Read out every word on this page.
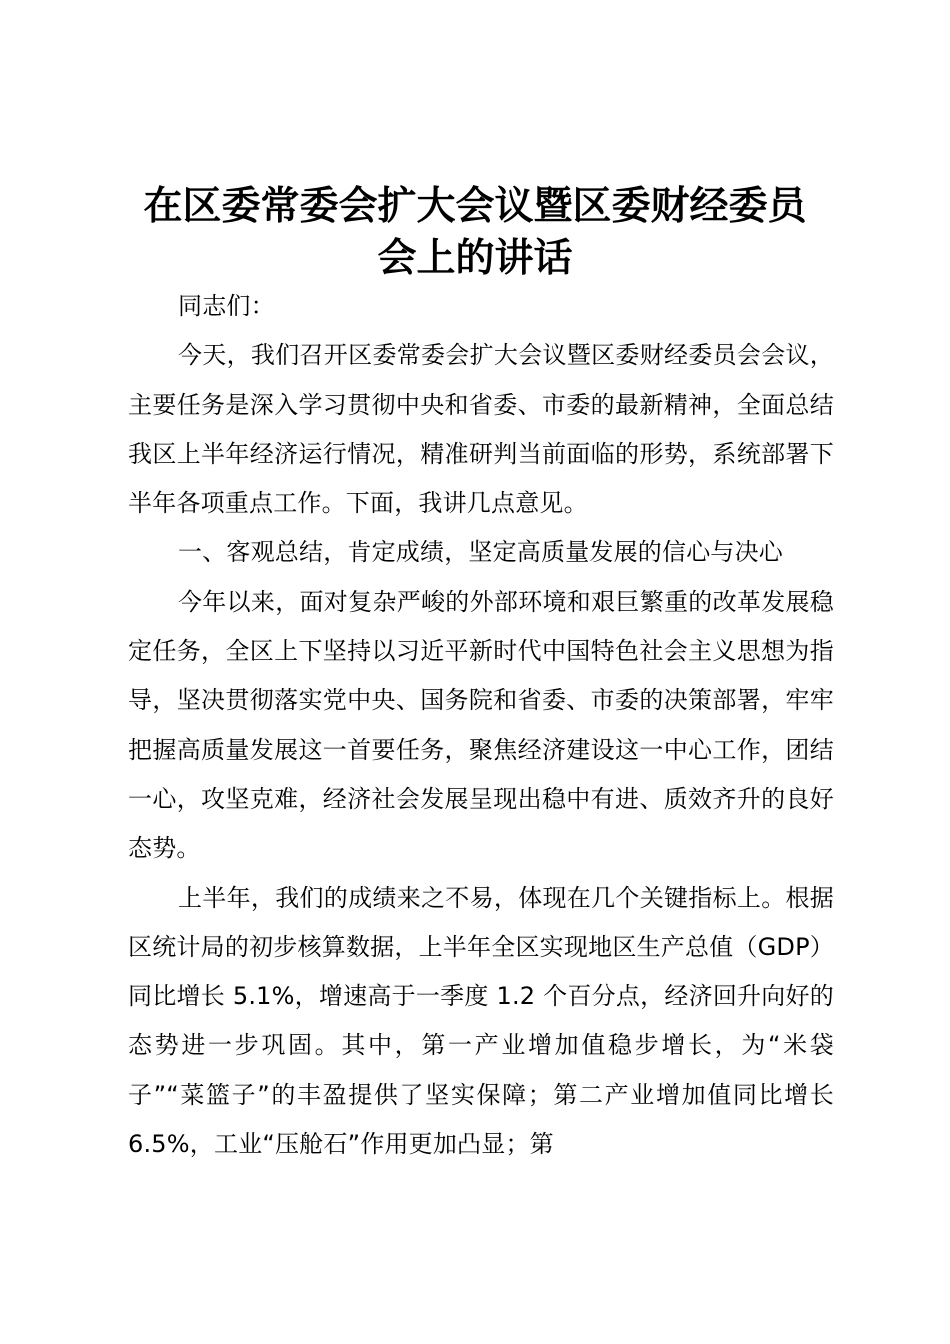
在区委常委会扩大会议暨区委财经委员
会上的讲话

同志们：

今天，我们召开区委常委会扩大会议暨区委财经委员会会议，主要任务是深入学习贯彻中央和省委、市委的最新精神，全面总结我区上半年经济运行情况，精准研判当前面临的形势，系统部署下半年各项重点工作。下面，我讲几点意见。

一、客观总结，肯定成绩，坚定高质量发展的信心与决心

今年以来，面对复杂严峻的外部环境和艰巨繁重的改革发展稳定任务，全区上下坚持以习近平新时代中国特色社会主义思想为指导，坚决贯彻落实党中央、国务院和省委、市委的决策部署，牢牢把握高质量发展这一首要任务，聚焦经济建设这一中心工作，团结一心，攻坚克难，经济社会发展呈现出稳中有进、质效齐升的良好态势。

上半年，我们的成绩来之不易，体现在几个关键指标上。根据区统计局的初步核算数据，上半年全区实现地区生产总值（GDP）同比增长 5.1%，增速高于一季度 1.2 个百分点，经济回升向好的态势进一步巩固。其中，第一产业增加值稳步增长，为“米袋子”“菜篮子”的丰盈提供了坚实保障；第二产业增加值同比增长 6.5%，工业“压舱石”作用更加凸显；第
